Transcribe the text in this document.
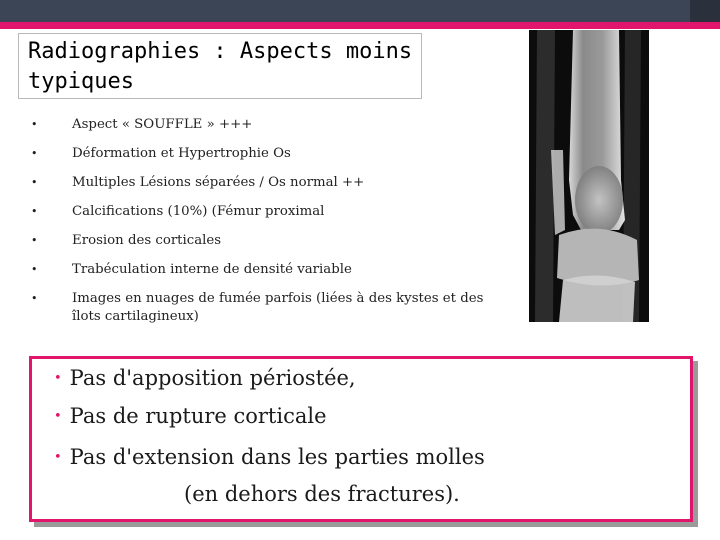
Radiographies : Aspects moins typiques
•	Aspect « SOUFFLE » +++
•	Déformation et Hypertrophie Os
•	Multiples Lésions séparées / Os normal ++
•	Calcifications (10%) (Fémur proximal
•	Erosion des corticales
•	Trabéculation interne de densité variable
•	Images en nuages de fumée parfois (liées à des kystes et des îlots cartilagineux)
• Pas d'apposition périostée,
• Pas de rupture corticale
• Pas d'extension dans les parties molles
(en dehors des fractures).
